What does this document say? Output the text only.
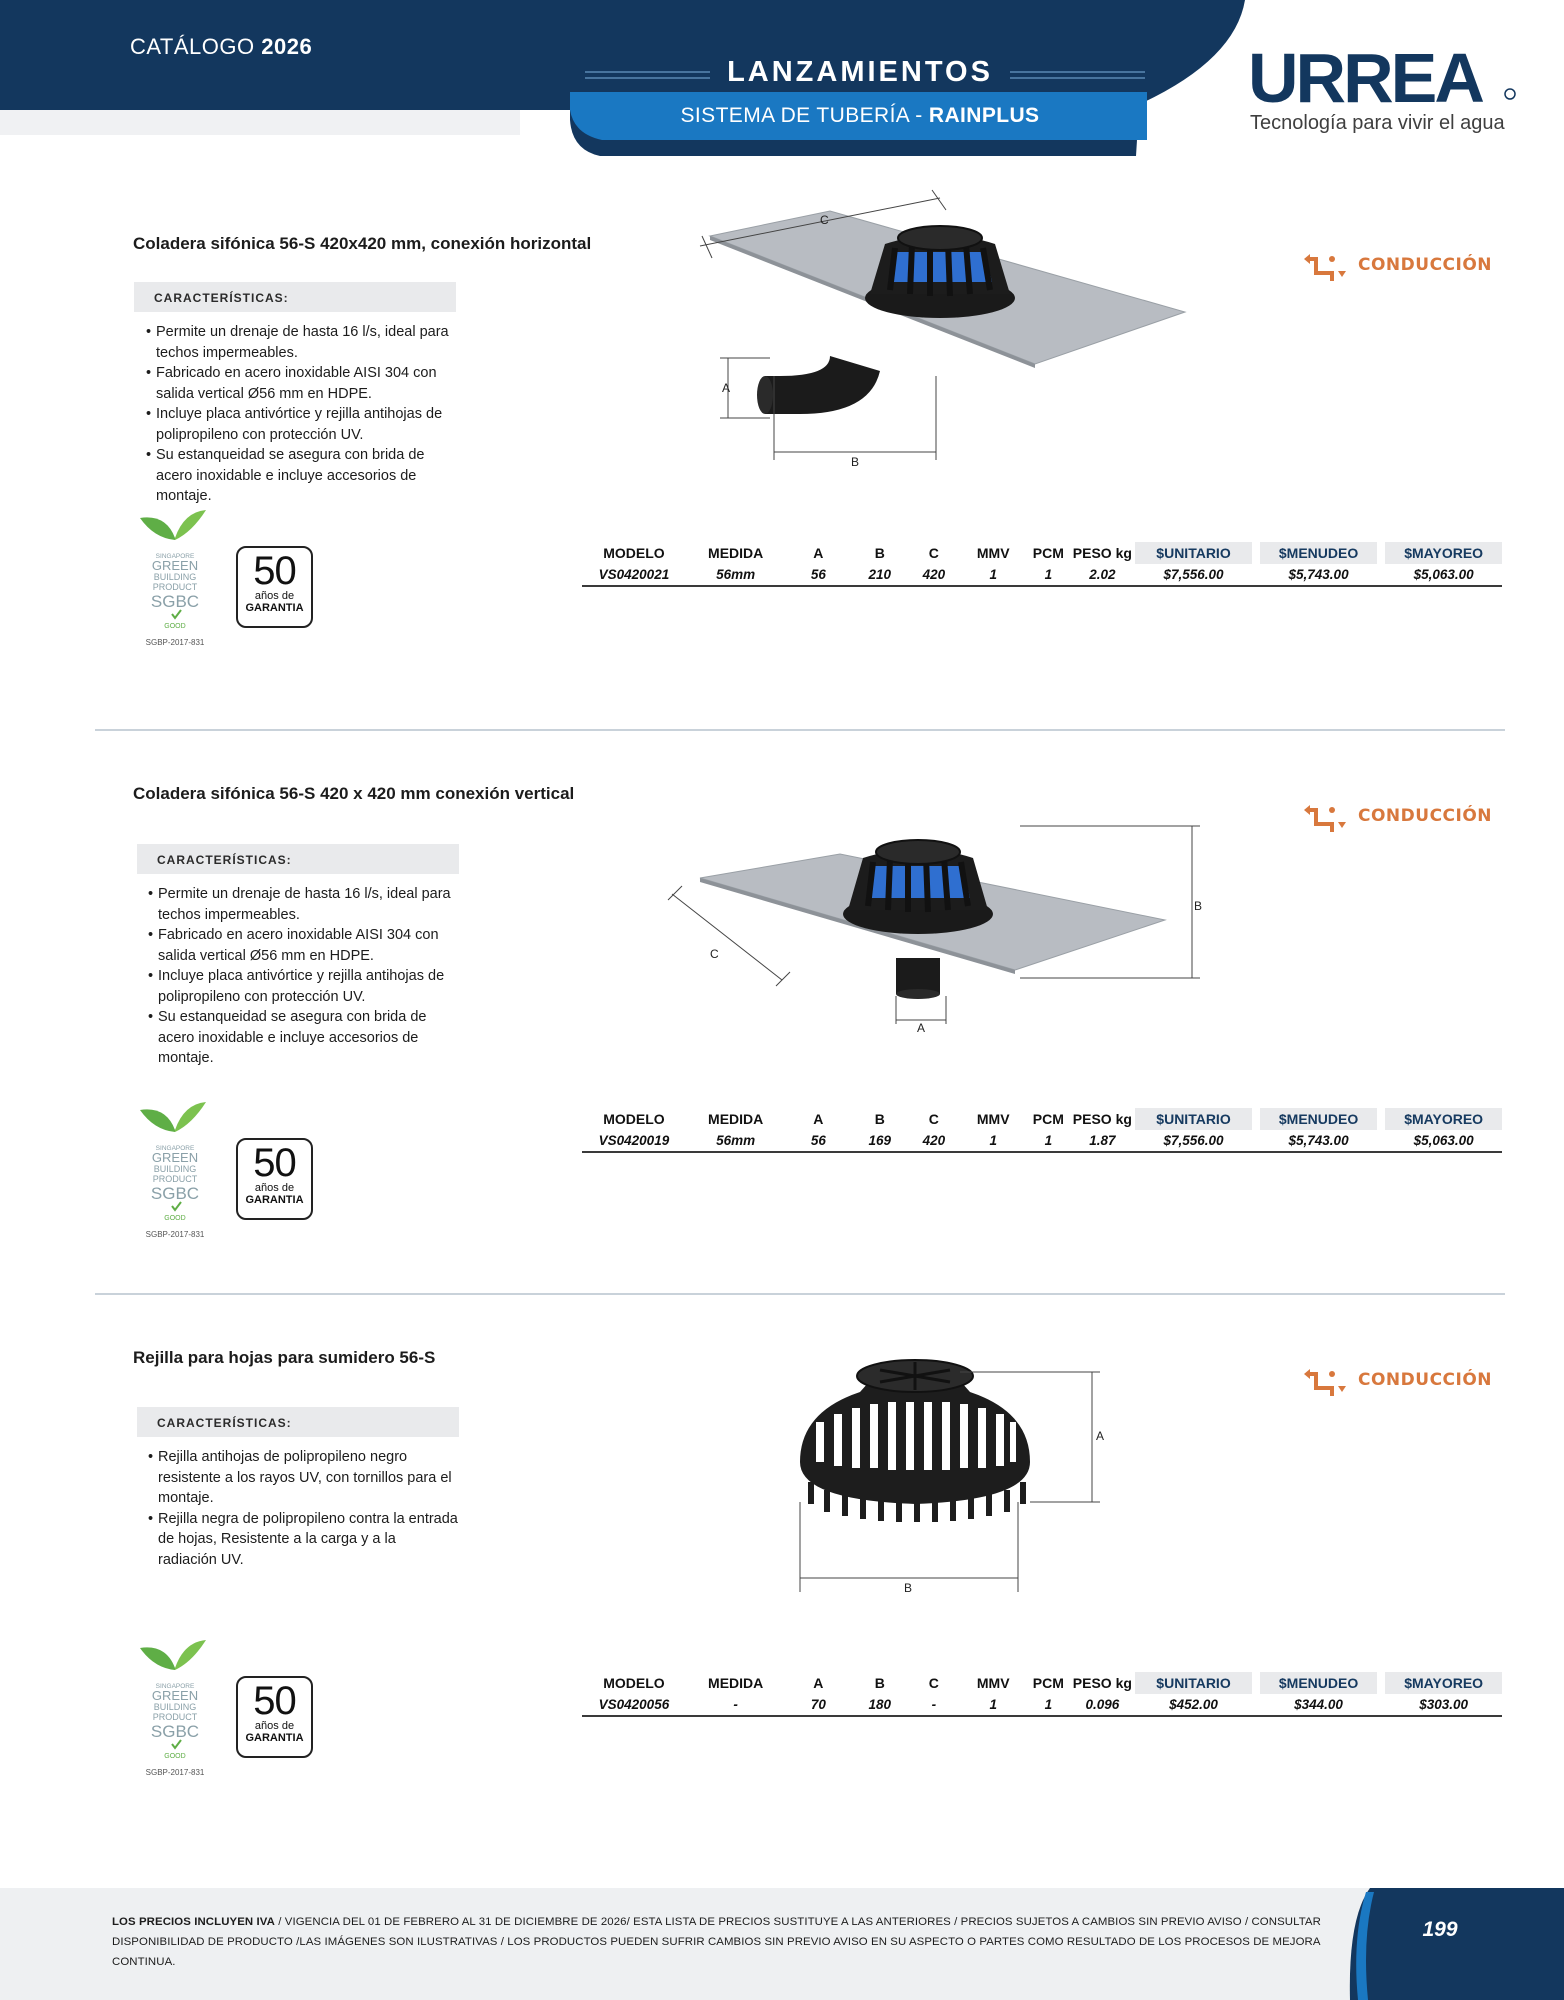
CATÁLOGO 2026
LANZAMIENTOS
SISTEMA DE TUBERÍA - RAINPLUS	URREA
Tecnología para vivir el agua
Coladera sifónica 56-S 420x420 mm, conexión horizontal
CARACTERÍSTICAS:
• Permite un drenaje de hasta 16 l/s, ideal para techos impermeables.
• Fabricado en acero inoxidable AISI 304 con salida vertical Ø56 mm en HDPE.
• Incluye placa antivórtice y rejilla antihojas de polipropileno con protección UV.
• Su estanqueidad se asegura con brida de acero inoxidable e incluye accesorios de montaje.
C
A
B
CONDUCCIÓN
SINGAPORE
GREEN
BUILDING
PRODUCT
SGBC
GOOD
SGBP-2017-831
50
años de
GARANTIA
MODELO	MEDIDA	A	B	C	MMV	PCM	PESO kg	$UNITARIO		$MENUDEO		$MAYOREO
VS0420021	56mm	56	210	420	1	1	2.02	$7,556.00		$5,743.00		$5,063.00
Coladera sifónica 56-S 420 x 420 mm conexión vertical
CARACTERÍSTICAS:
• Permite un drenaje de hasta 16 l/s, ideal para techos impermeables.
• Fabricado en acero inoxidable AISI 304 con salida vertical Ø56 mm en HDPE.
• Incluye placa antivórtice y rejilla antihojas de polipropileno con protección UV.
• Su estanqueidad se asegura con brida de acero inoxidable e incluye accesorios de montaje.
B
C
A
CONDUCCIÓN
SINGAPORE
GREEN
BUILDING
PRODUCT
SGBC
GOOD
SGBP-2017-831
50
años de
GARANTIA
MODELO	MEDIDA	A	B	C	MMV	PCM	PESO kg	$UNITARIO		$MENUDEO		$MAYOREO
VS0420019	56mm	56	169	420	1	1	1.87	$7,556.00		$5,743.00		$5,063.00
Rejilla para hojas para sumidero 56-S
CARACTERÍSTICAS:
• Rejilla antihojas de polipropileno negro resistente a los rayos UV, con tornillos para el montaje.
• Rejilla negra de polipropileno contra la entrada de hojas, Resistente a la carga y a la radiación UV.
A
B
CONDUCCIÓN
SINGAPORE
GREEN
BUILDING
PRODUCT
SGBC
GOOD
SGBP-2017-831
50
años de
GARANTIA
MODELO	MEDIDA	A	B	C	MMV	PCM	PESO kg	$UNITARIO		$MENUDEO		$MAYOREO
VS0420056	-	70	180	-	1	1	0.096	$452.00		$344.00		$303.00
LOS PRECIOS INCLUYEN IVA / VIGENCIA DEL 01 DE FEBRERO AL 31 DE DICIEMBRE DE 2026/ ESTA LISTA DE PRECIOS SUSTITUYE A LAS ANTERIORES / PRECIOS SUJETOS A CAMBIOS SIN PREVIO AVISO / CONSULTAR DISPONIBILIDAD DE PRODUCTO /LAS IMÁGENES SON ILUSTRATIVAS / LOS PRODUCTOS PUEDEN SUFRIR CAMBIOS SIN PREVIO AVISO EN SU ASPECTO O PARTES COMO RESULTADO DE LOS PROCESOS DE MEJORA CONTINUA.
199
